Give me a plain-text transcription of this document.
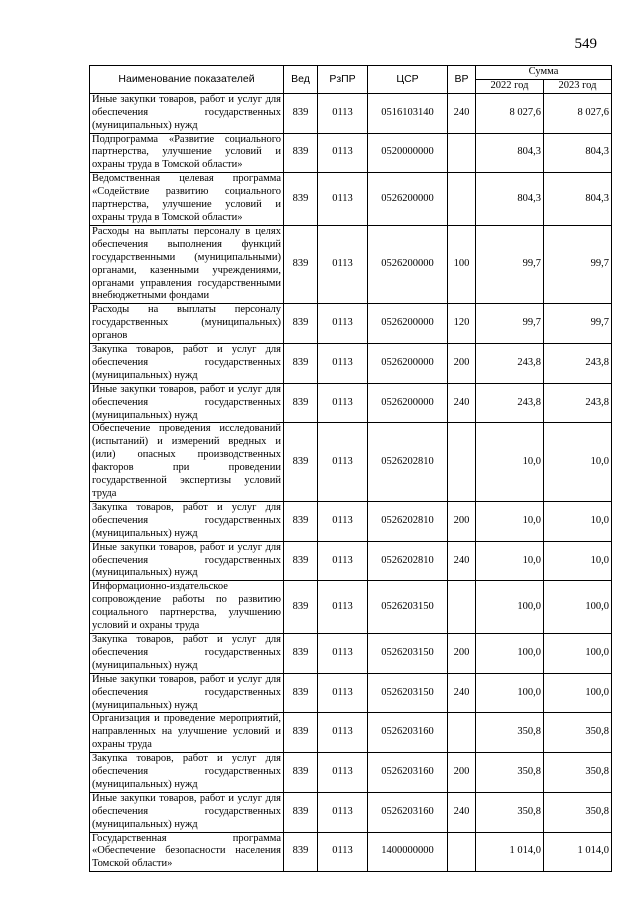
549
Наименование показателей	Вед	РзПР	ЦСР	ВР	Сумма	
					2022 год	2023 год
Иные закупки товаров, работ и услуг для обеспечения государственных (муниципальных) нужд	839	0113	0516103140	240	8 027,6	8 027,6
Подпрограмма «Развитие социального партнерства, улучшение условий и охраны труда в Томской области»	839	0113	0520000000		804,3	804,3
Ведомственная целевая программа «Содействие развитию социального партнерства, улучшение условий и охраны труда в Томской области»	839	0113	0526200000		804,3	804,3
Расходы на выплаты персоналу в целях обеспечения выполнения функций государственными (муниципальными) органами, казенными учреждениями, органами управления государственными внебюджетными фондами	839	0113	0526200000	100	99,7	99,7
Расходы на выплаты персоналу государственных (муниципальных) органов	839	0113	0526200000	120	99,7	99,7
Закупка товаров, работ и услуг для обеспечения государственных (муниципальных) нужд	839	0113	0526200000	200	243,8	243,8
Иные закупки товаров, работ и услуг для обеспечения государственных (муниципальных) нужд	839	0113	0526200000	240	243,8	243,8
Обеспечение проведения исследований (испытаний) и измерений вредных и (или) опасных производственных факторов при проведении государственной экспертизы условий труда	839	0113	0526202810		10,0	10,0
Закупка товаров, работ и услуг для обеспечения государственных (муниципальных) нужд	839	0113	0526202810	200	10,0	10,0
Иные закупки товаров, работ и услуг для обеспечения государственных (муниципальных) нужд	839	0113	0526202810	240	10,0	10,0
Информационно-издательское сопровождение работы по развитию социального партнерства, улучшению условий и охраны труда	839	0113	0526203150		100,0	100,0
Закупка товаров, работ и услуг для обеспечения государственных (муниципальных) нужд	839	0113	0526203150	200	100,0	100,0
Иные закупки товаров, работ и услуг для обеспечения государственных (муниципальных) нужд	839	0113	0526203150	240	100,0	100,0
Организация и проведение мероприятий, направленных на улучшение условий и охраны труда	839	0113	0526203160		350,8	350,8
Закупка товаров, работ и услуг для обеспечения государственных (муниципальных) нужд	839	0113	0526203160	200	350,8	350,8
Иные закупки товаров, работ и услуг для обеспечения государственных (муниципальных) нужд	839	0113	0526203160	240	350,8	350,8
Государственная программа «Обеспечение безопасности населения Томской области»	839	0113	1400000000		1 014,0	1 014,0
